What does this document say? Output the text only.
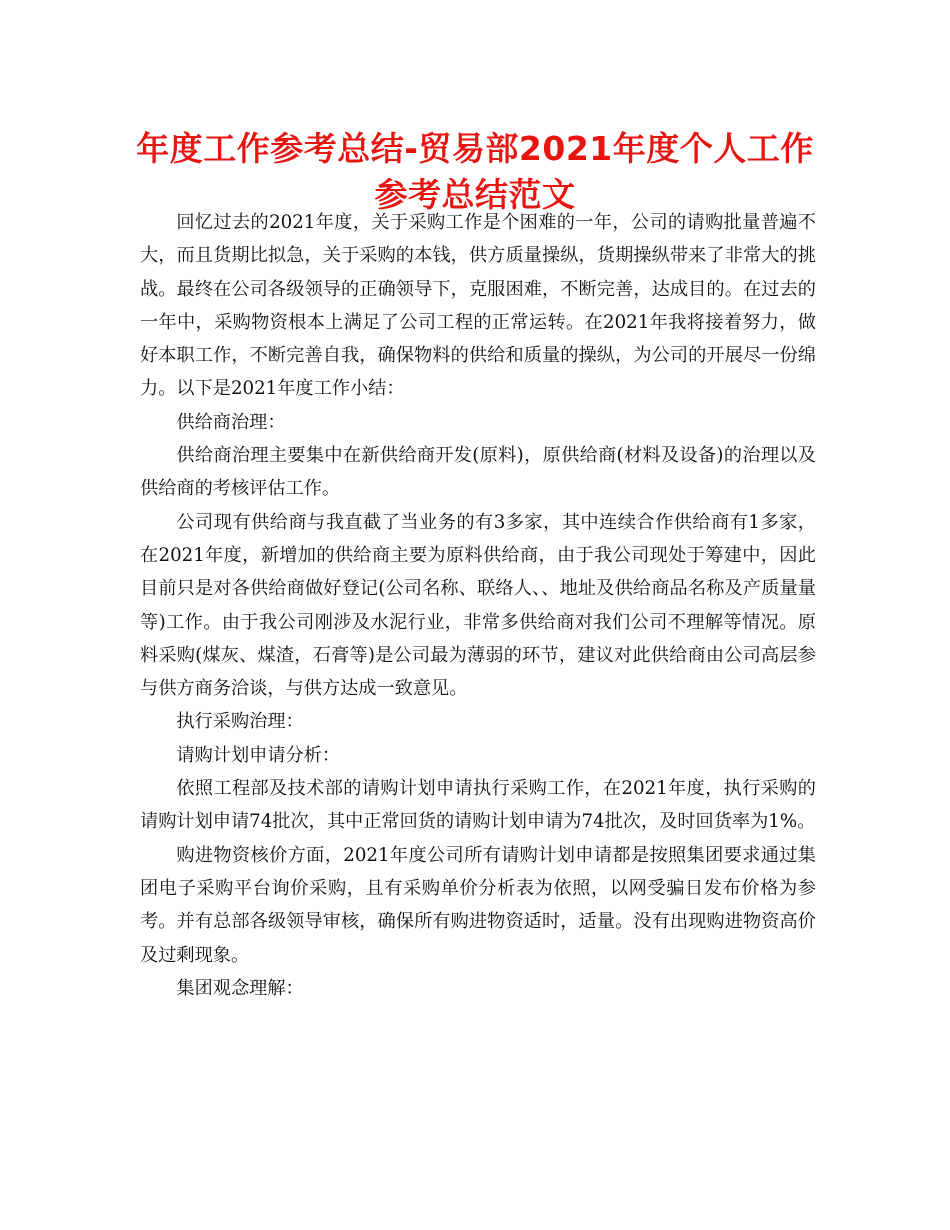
年度工作参考总结-贸易部2021年度个人工作参考总结范文

回忆过去的2021年度，关于采购工作是个困难的一年，公司的请购批量普遍不大，而且货期比拟急，关于采购的本钱，供方质量操纵，货期操纵带来了非常大的挑战。最终在公司各级领导的正确领导下，克服困难，不断完善，达成目的。在过去的一年中，采购物资根本上满足了公司工程的正常运转。在2021年我将接着努力，做好本职工作，不断完善自我，确保物料的供给和质量的操纵，为公司的开展尽一份绵力。以下是2021年度工作小结：

供给商治理：

供给商治理主要集中在新供给商开发(原料)，原供给商(材料及设备)的治理以及供给商的考核评估工作。

公司现有供给商与我直截了当业务的有3多家，其中连续合作供给商有1多家，在2021年度，新增加的供给商主要为原料供给商，由于我公司现处于筹建中，因此目前只是对各供给商做好登记(公司名称、联络人、、地址及供给商品名称及产质量量等)工作。由于我公司刚涉及水泥行业，非常多供给商对我们公司不理解等情况。原料采购(煤灰、煤渣，石膏等)是公司最为薄弱的环节，建议对此供给商由公司高层参与供方商务洽谈，与供方达成一致意见。

执行采购治理：

请购计划申请分析：

依照工程部及技术部的请购计划申请执行采购工作，在2021年度，执行采购的请购计划申请74批次，其中正常回货的请购计划申请为74批次，及时回货率为1%。

购进物资核价方面，2021年度公司所有请购计划申请都是按照集团要求通过集团电子采购平台询价采购，且有采购单价分析表为依照，以网受骗日发布价格为参考。并有总部各级领导审核，确保所有购进物资适时，适量。没有出现购进物资高价及过剩现象。

集团观念理解：
